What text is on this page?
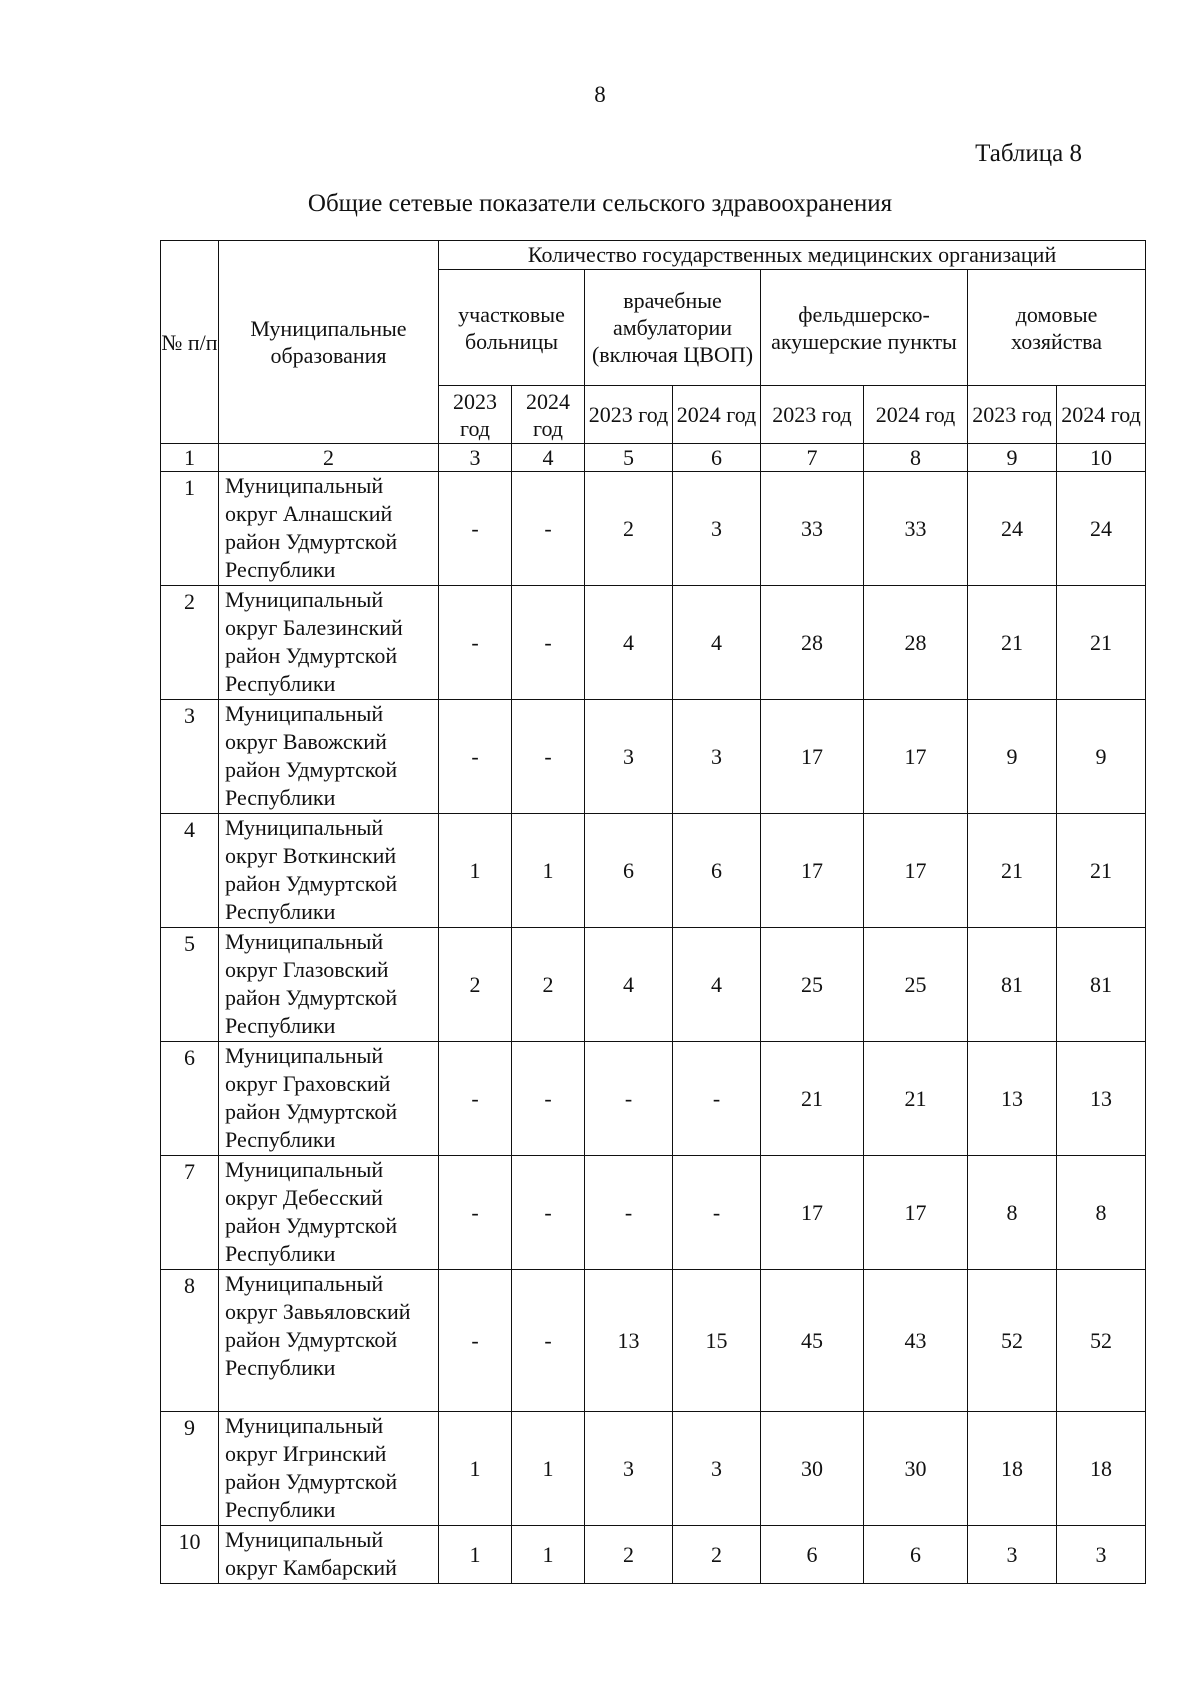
8
Таблица 8
Общие сетевые показатели сельского здравоохранения
№ п/п	Муниципальные образования	Количество государственных медицинских организаций							
		участковые больницы		врачебные амбулатории (включая ЦВОП)		фельдшерско-акушерские пункты		домовые хозяйства	
		2023 год	2024 год	2023 год	2024 год	2023 год	2024 год	2023 год	2024 год
1	2	3	4	5	6	7	8	9	10
1	Муниципальный округ Алнашский район Удмуртской Республики	-	-	2	3	33	33	24	24
2	Муниципальный округ Балезинский район Удмуртской Республики	-	-	4	4	28	28	21	21
3	Муниципальный округ Вавожский район Удмуртской Республики	-	-	3	3	17	17	9	9
4	Муниципальный округ Воткинский район Удмуртской Республики	1	1	6	6	17	17	21	21
5	Муниципальный округ Глазовский район Удмуртской Республики	2	2	4	4	25	25	81	81
6	Муниципальный округ Граховский район Удмуртской Республики	-	-	-	-	21	21	13	13
7	Муниципальный округ Дебесский район Удмуртской Республики	-	-	-	-	17	17	8	8
8	Муниципальный округ Завьяловский район Удмуртской Республики	-	-	13	15	45	43	52	52
9	Муниципальный округ Игринский район Удмуртской Республики	1	1	3	3	30	30	18	18
10	Муниципальный округ Камбарский	1	1	2	2	6	6	3	3
